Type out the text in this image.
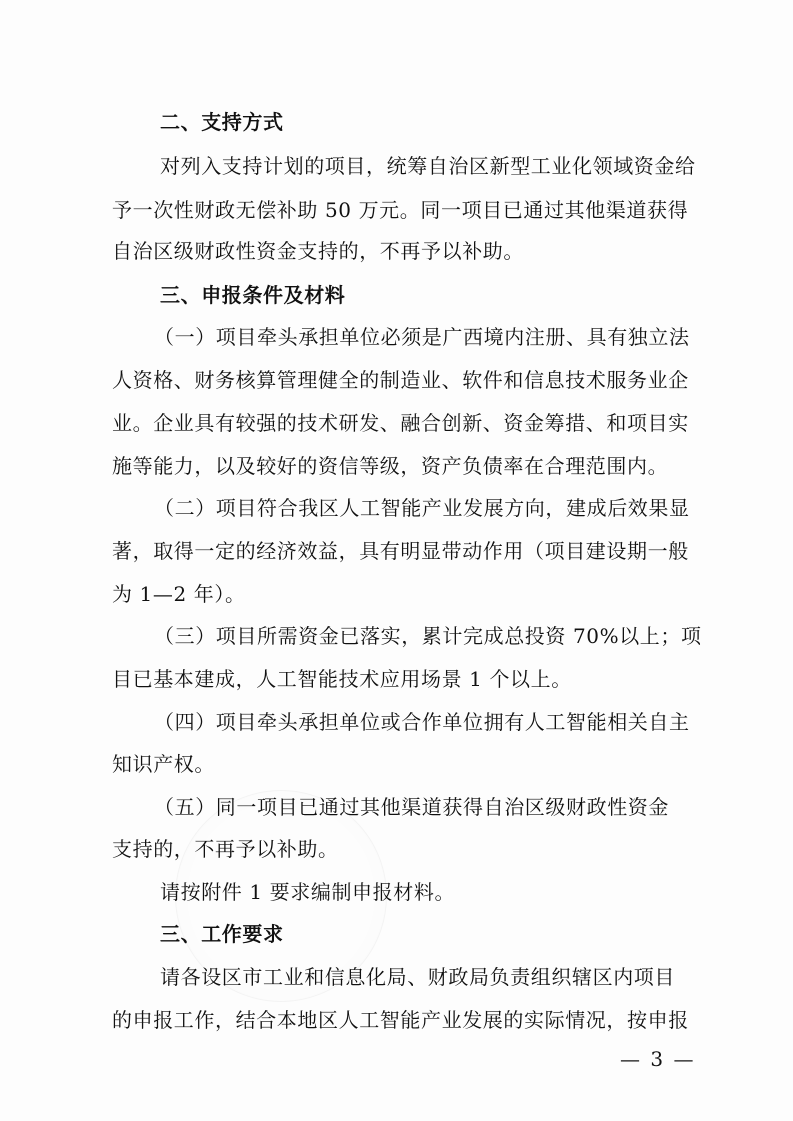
二、支持方式
对列入支持计划的项目，统筹自治区新型工业化领域资金给
予一次性财政无偿补助 50 万元。同一项目已通过其他渠道获得
自治区级财政性资金支持的，不再予以补助。
三、申报条件及材料
（一）项目牵头承担单位必须是广西境内注册、具有独立法
人资格、财务核算管理健全的制造业、软件和信息技术服务业企
业。企业具有较强的技术研发、融合创新、资金筹措、和项目实
施等能力，以及较好的资信等级，资产负债率在合理范围内。
（二）项目符合我区人工智能产业发展方向，建成后效果显
著，取得一定的经济效益，具有明显带动作用（项目建设期一般
为 1—2 年）。
（三）项目所需资金已落实，累计完成总投资 70%以上；项
目已基本建成，人工智能技术应用场景 1 个以上。
（四）项目牵头承担单位或合作单位拥有人工智能相关自主
知识产权。
（五）同一项目已通过其他渠道获得自治区级财政性资金
支持的，不再予以补助。
请按附件 1 要求编制申报材料。
三、工作要求
请各设区市工业和信息化局、财政局负责组织辖区内项目
的申报工作，结合本地区人工智能产业发展的实际情况，按申报
— 3 —
